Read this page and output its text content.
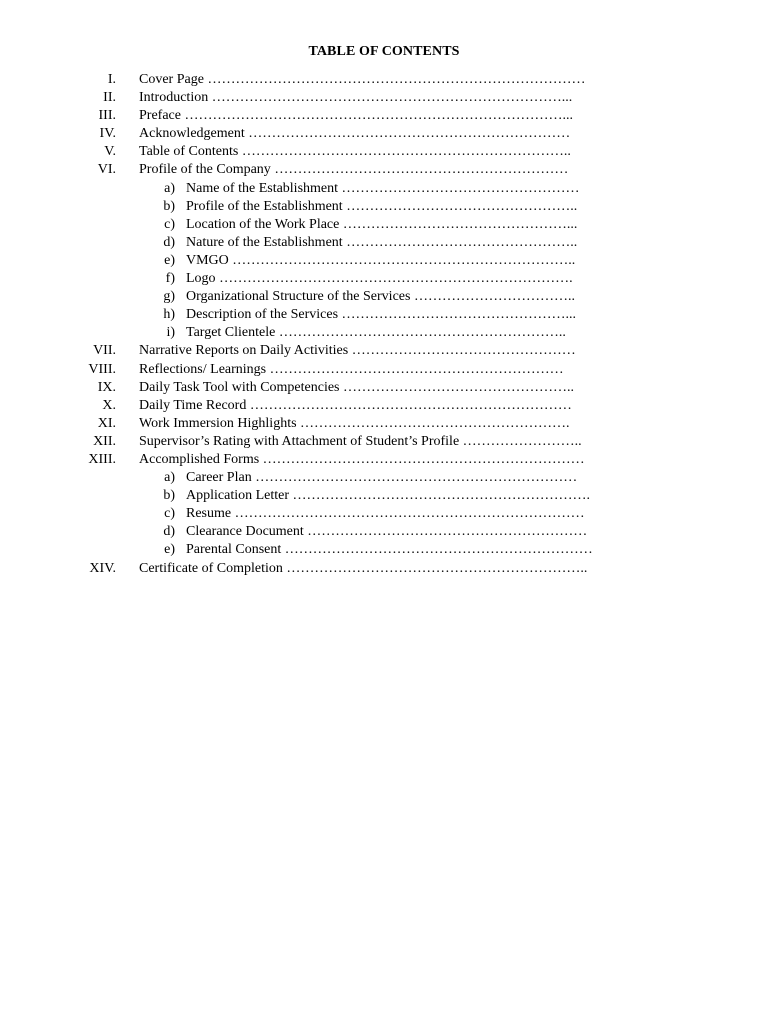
TABLE OF CONTENTS
I. Cover Page ………………………………………………………………………
II. Introduction …………………………………………………………………...
III. Preface ………………………………………………………………………...
IV. Acknowledgement ……………………………………………………………
V. Table of Contents ……………………………………………………………..
VI. Profile of the Company ………………………………………………………
a) Name of the Establishment ……………………………………………
b) Profile of the Establishment …………………………………………..
c) Location of the Work Place …………………………………………...
d) Nature of the Establishment …………………………………………..
e) VMGO ………………………………………………………………..
f) Logo ………………………………………………………………….
g) Organizational Structure of the Services ……………………………..
h) Description of the Services …………………………………………...
i) Target Clientele ……………………………………………………..
VII. Narrative Reports on Daily Activities …………………………………………
VIII. Reflections/ Learnings ………………………………………………………
IX. Daily Task Tool with Competencies …………………………………………..
X. Daily Time Record ……………………………………………………………
XI. Work Immersion Highlights ………………………………………………….
XII. Supervisor’s Rating with Attachment of Student’s Profile ……………………..
XIII. Accomplished Forms ……………………………………………………………
a) Career Plan ……………………………………………………………
b) Application Letter ……………………………………………………….
c) Resume …………………………………………………………………
d) Clearance Document ……………………………………………………
e) Parental Consent …………………………………………………………
XIV. Certificate of Completion ………………………………………………………..
